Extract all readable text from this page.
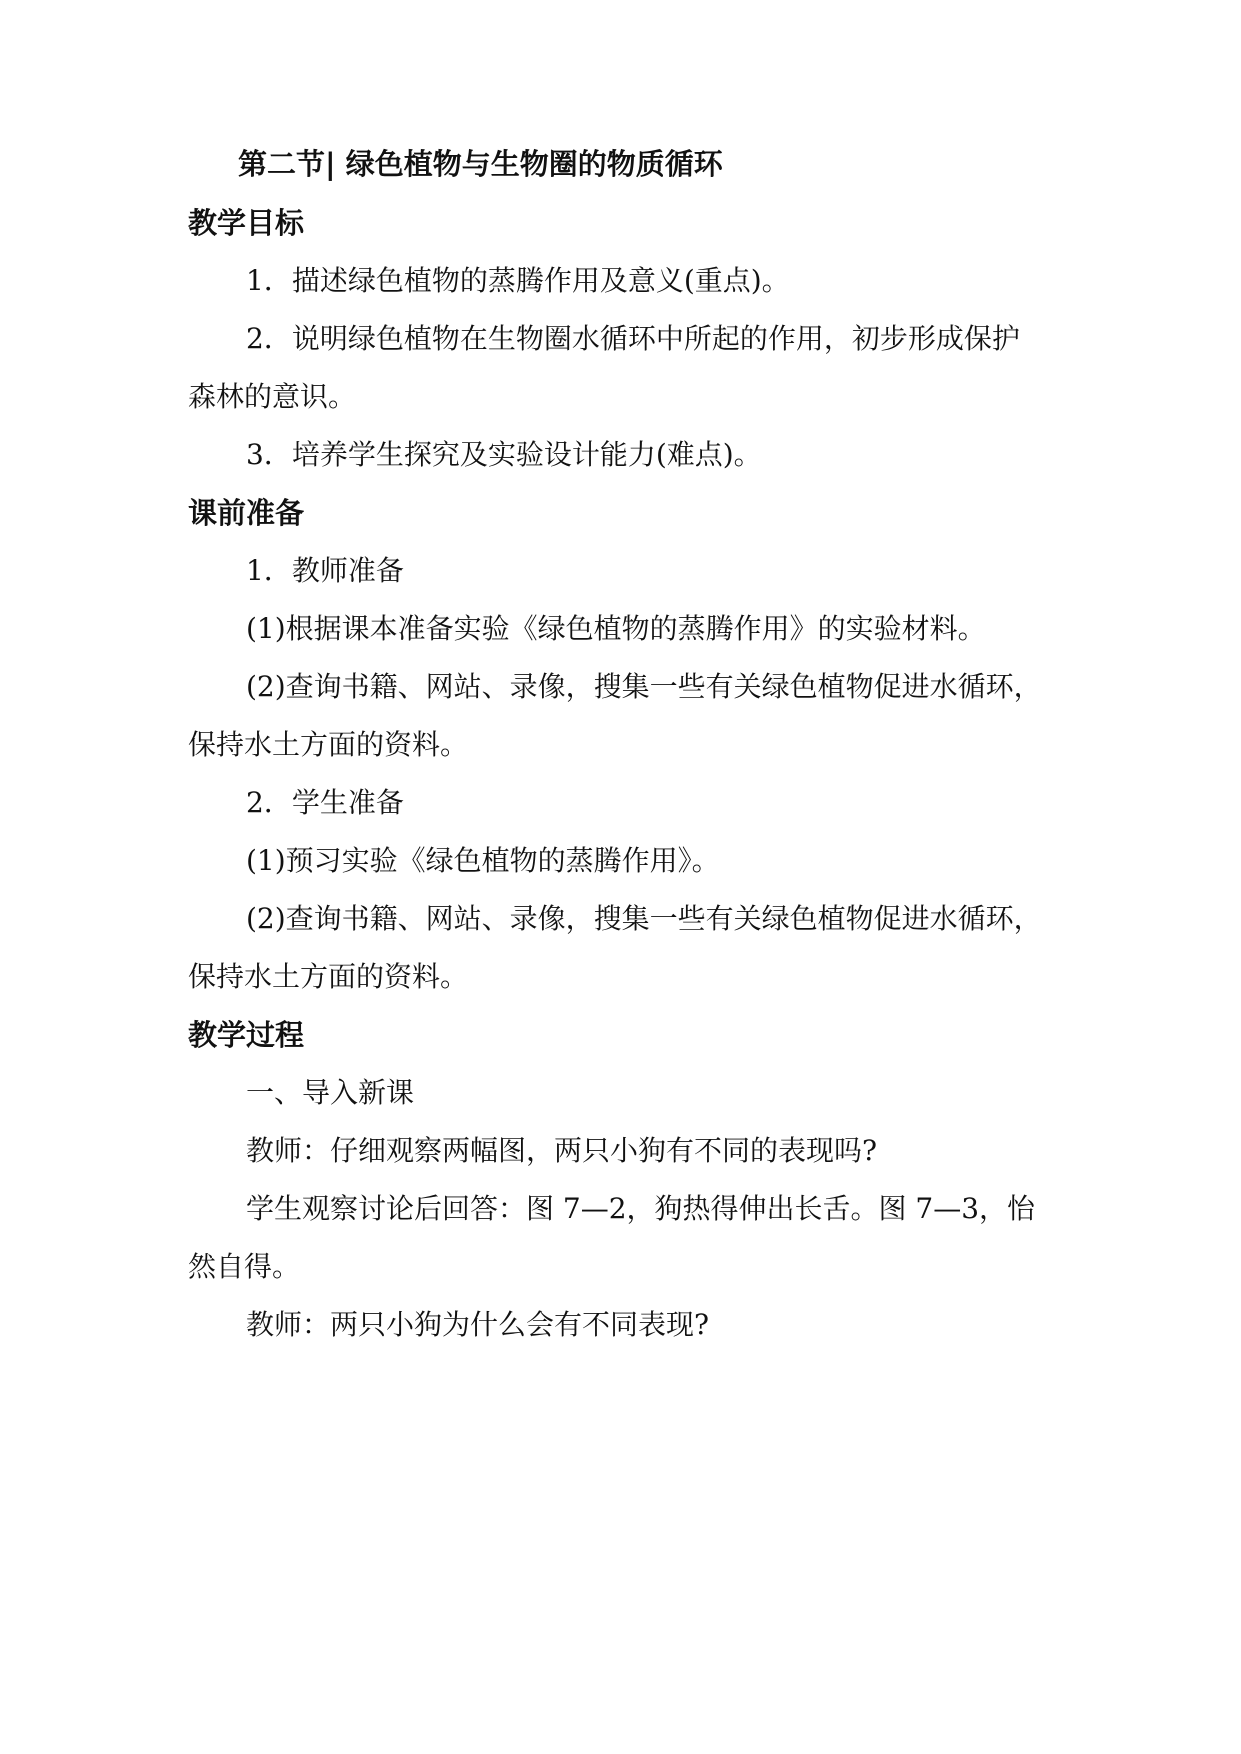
第二节| 绿色植物与生物圈的物质循环
教学目标
1．描述绿色植物的蒸腾作用及意义(重点)。
2．说明绿色植物在生物圈水循环中所起的作用，初步形成保护
森林的意识。
3．培养学生探究及实验设计能力(难点)。
课前准备
1．教师准备
(1)根据课本准备实验《绿色植物的蒸腾作用》的实验材料。
(2)查询书籍、网站、录像，搜集一些有关绿色植物促进水循环，
保持水土方面的资料。
2．学生准备
(1)预习实验《绿色植物的蒸腾作用》。
(2)查询书籍、网站、录像，搜集一些有关绿色植物促进水循环，
保持水土方面的资料。
教学过程
一、导入新课
教师：仔细观察两幅图，两只小狗有不同的表现吗?
学生观察讨论后回答：图 7—2，狗热得伸出长舌。图 7—3，怡
然自得。
教师：两只小狗为什么会有不同表现?
